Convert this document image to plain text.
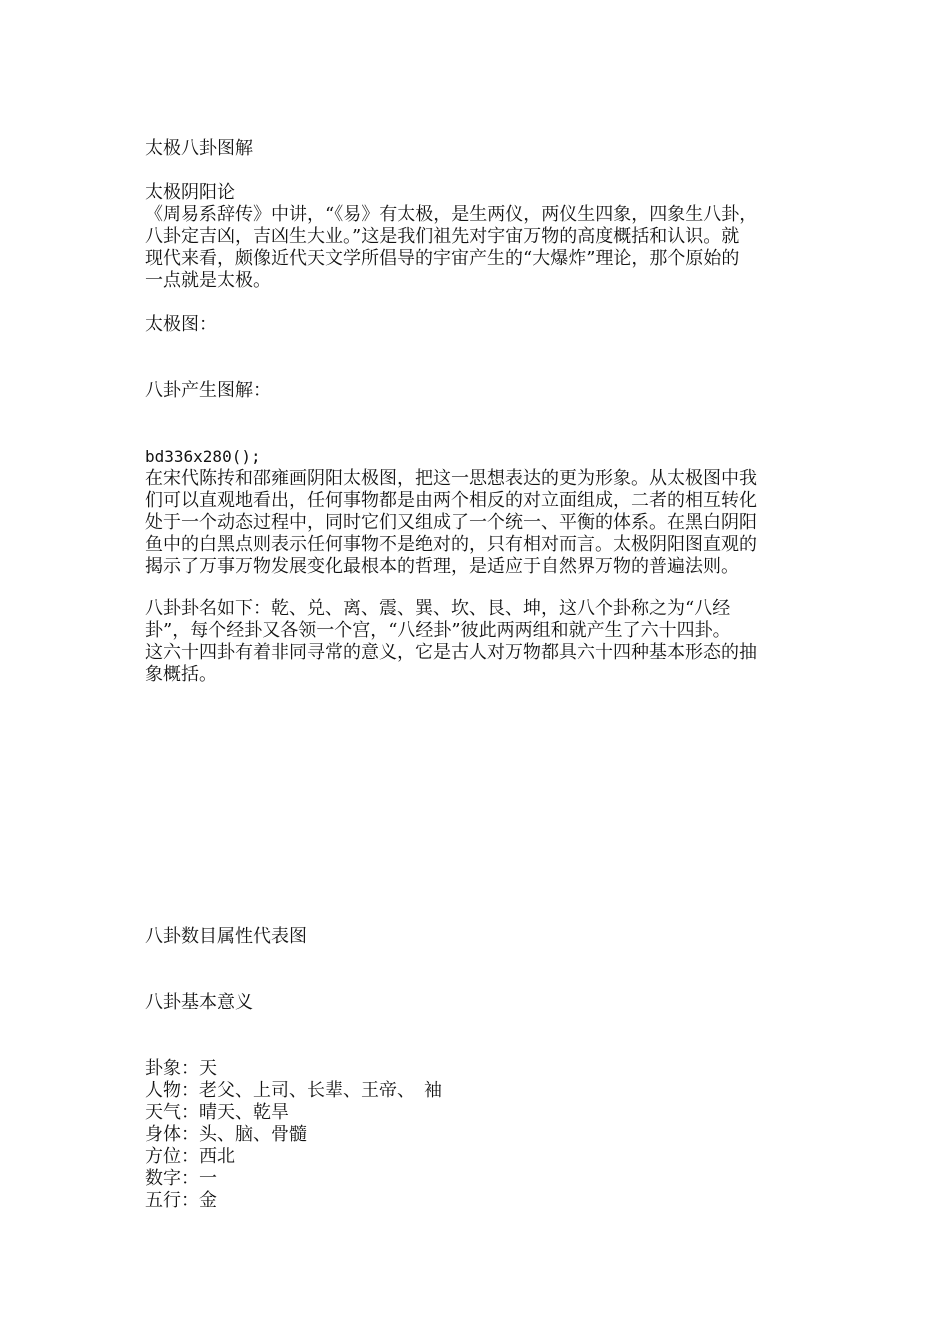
太极八卦图解

太极阴阳论

《周易系辞传》中讲，“《易》有太极，是生两仪，两仪生四象，四象生八卦，
八卦定吉凶，吉凶生大业。”这是我们祖先对宇宙万物的高度概括和认识。就
现代来看，颇像近代天文学所倡导的宇宙产生的“大爆炸”理论，那个原始的
一点就是太极。

太极图：

八卦产生图解：

bd336x280();

在宋代陈抟和邵雍画阴阳太极图，把这一思想表达的更为形象。从太极图中我
们可以直观地看出，任何事物都是由两个相反的对立面组成，二者的相互转化
处于一个动态过程中，同时它们又组成了一个统一、平衡的体系。在黑白阴阳
鱼中的白黑点则表示任何事物不是绝对的，只有相对而言。太极阴阳图直观的
揭示了万事万物发展变化最根本的哲理，是适应于自然界万物的普遍法则。

八卦卦名如下：乾、兑、离、震、巽、坎、艮、坤，这八个卦称之为“八经
卦”，每个经卦又各领一个宫，“八经卦”彼此两两组和就产生了六十四卦。
这六十四卦有着非同寻常的意义，它是古人对万物都具六十四种基本形态的抽
象概括。

八卦数目属性代表图

八卦基本意义

卦象：天
人物：老父、上司、长辈、王帝、　袖
天气：晴天、乾旱
身体：头、脑、骨髓
方位：西北
数字：一
五行：金
